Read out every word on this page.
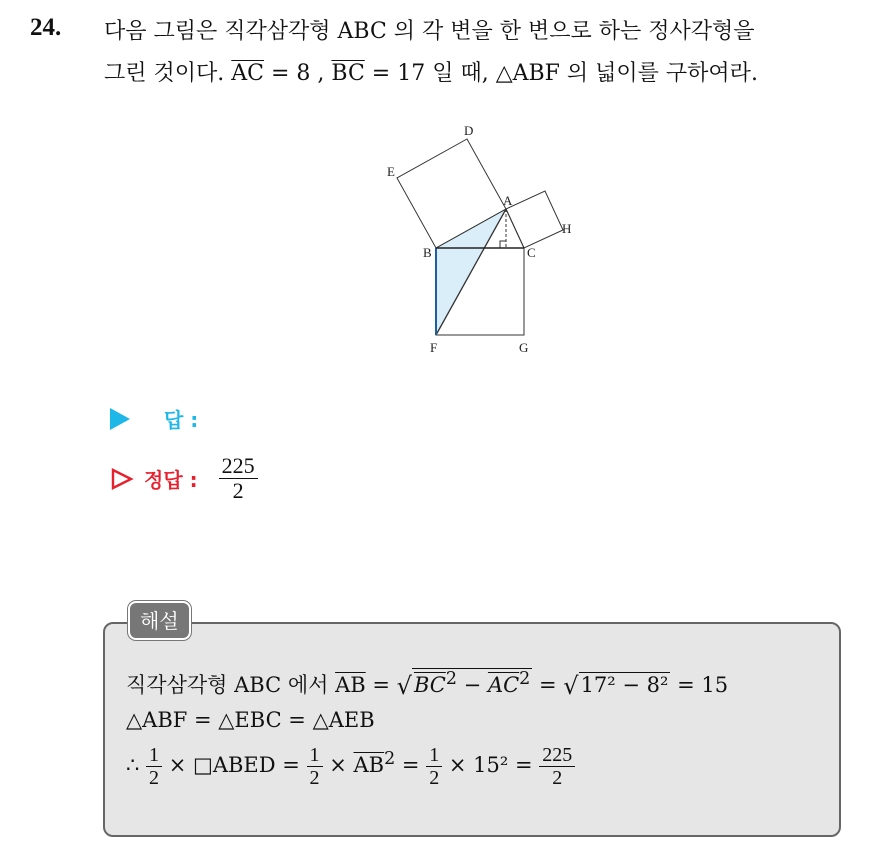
24. 다음 그림은 직각삼각형 ABC 의 각 변을 한 변으로 하는 정사각형을
그린 것이다. $\overline{AC} = 8$ , $\overline{BC} = 17$ 일 때, △ABF 의 넓이를 구하여라.
D
E
A
H
B	C
F	G
답 :
정답 : $\frac{225}{2}$
해설
직각삼각형 ABC 에서 $\overline{AB} = √BC^2 - \overline{AC}^2 = √17^2 - 8^2 = 15$
△ABF = △EBC = △AEB
∴ $\frac{1}{2}$ × □ABED = $\frac{1}{2} \times \overline{AB}^2 = \frac{1}{2} \times 15^2 = \frac{225}{2}$
